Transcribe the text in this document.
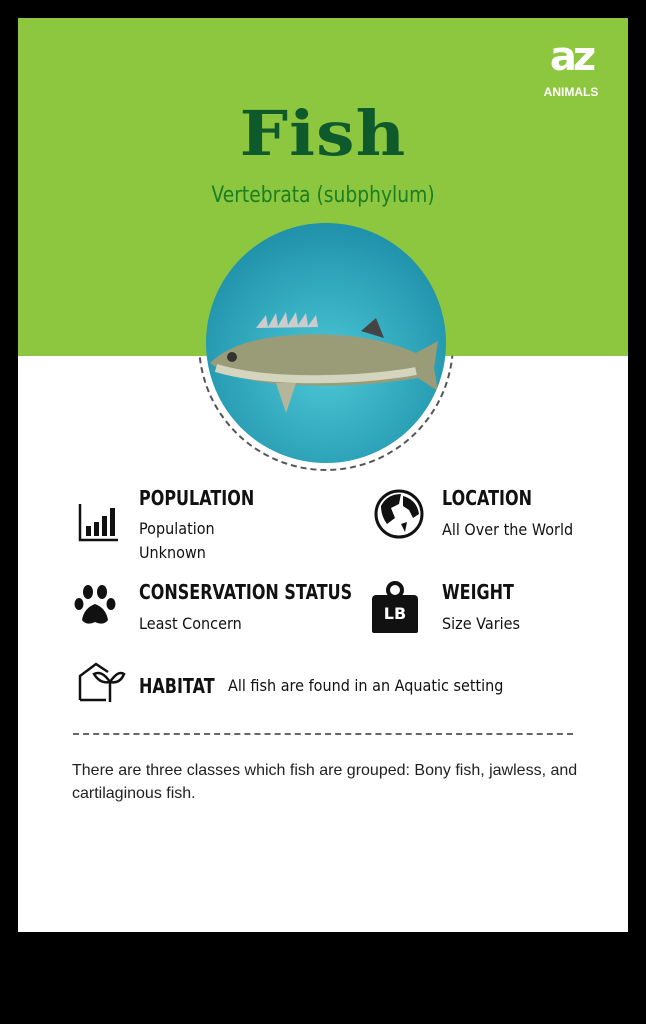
az
ANIMALS
Fish
Vertebrata (subphylum)
POPULATION
Population
Unknown
LOCATION
All Over the World
CONSERVATION STATUS
Least Concern
LB
WEIGHT
Size Varies
HABITAT All fish are found in an Aquatic setting
There are three classes which fish are grouped: Bony fish, jawless, and cartilaginous fish.
